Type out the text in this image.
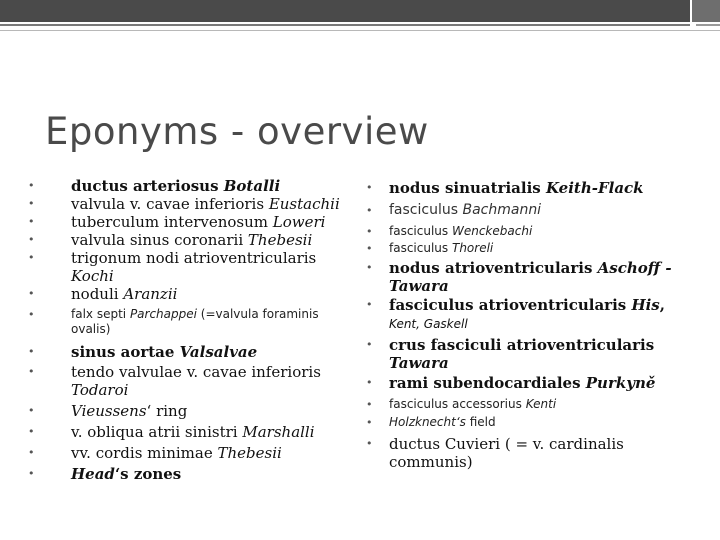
Eponyms - overview
•	ductus arteriosus Botalli
•	valvula v. cavae inferioris Eustachii
•	tuberculum intervenosum Loweri
•	valvula sinus coronarii Thebesii
•	trigonum nodi atrioventricularis
Kochi
•	noduli Aranzii
•	falx septi Parchappei (=valvula foraminis ovalis)
•	sinus aortae Valsalvae
•	tendo valvulae v. cavae inferioris
Todaroi
•	Vieussens‘ ring
•	v. obliqua atrii sinistri Marshalli
•	vv. cordis minimae Thebesii
•	Head‘s zones
•	nodus sinuatrialis Keith-Flack
•	fasciculus Bachmanni
•	fasciculus Wenckebachi
•	fasciculus Thoreli
•	nodus atrioventricularis Aschoff -Tawara
•	fasciculus atrioventricularis His,
Kent, Gaskell
•	crus fasciculi atrioventricularis Tawara
•	rami subendocardiales Purkyně
•	fasciculus accessorius Kenti
•	Holzknecht‘s field
•	ductus Cuvieri ( = v. cardinalis communis)
